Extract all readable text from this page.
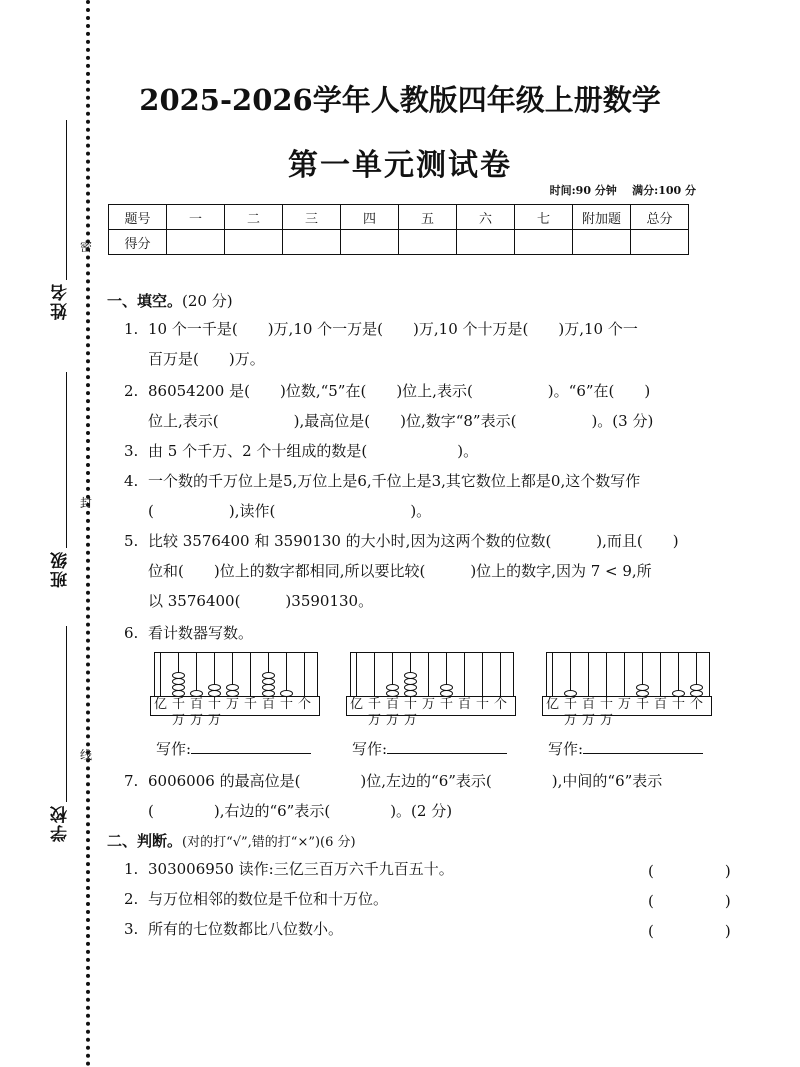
姓名
班级
学校
密
封
线
2025-2026学年人教版四年级上册数学
第一单元测试卷
时间:90 分钟 满分:100 分
题号	一	二	三	四	五	六	七	附加题	总分
得分									
一、填空。(20 分)
1. 10 个一千是(　　)万,10 个一万是(　　)万,10 个十万是(　　)万,10 个一
百万是(　　)万。
2. 86054200 是(　　)位数,“5”在(　　)位上,表示(　　　　　)。“6”在(　　)
位上,表示(　　　　　),最高位是(　　)位,数字“8”表示(　　　　　)。(3 分)
3. 由 5 个千万、2 个十组成的数是(　　　　　　)。
4. 一个数的千万位上是5,万位上是6,千位上是3,其它数位上都是0,这个数写作
(　　　　　),读作(　　　　　　　　　)。
5. 比较 3576400 和 3590130 的大小时,因为这两个数的位数(　　　),而且(　　)
位和(　　)位上的数字都相同,所以要比较(　　　)位上的数字,因为 7 < 9,所
以 3576400(　　　)3590130。
6. 看计数器写数。
亿 千 百 十 万 千 百 十 个
万 万 万
亿 千 百 十 万 千 百 十 个
万 万 万
亿 千 百 十 万 千 百 十 个
万 万 万
写作:	写作:	写作:
7. 6006006 的最高位是(　　　　)位,左边的“6”表示(　　　　),中间的“6”表示
(　　　　),右边的“6”表示(　　　　)。(2 分)
二、判断。(对的打“√”,错的打“×”)(6 分)
1. 303006950 读作:三亿三百万六千九百五十。	(　)
2. 与万位相邻的数位是千位和十万位。	(　)
3. 所有的七位数都比八位数小。	(　)
